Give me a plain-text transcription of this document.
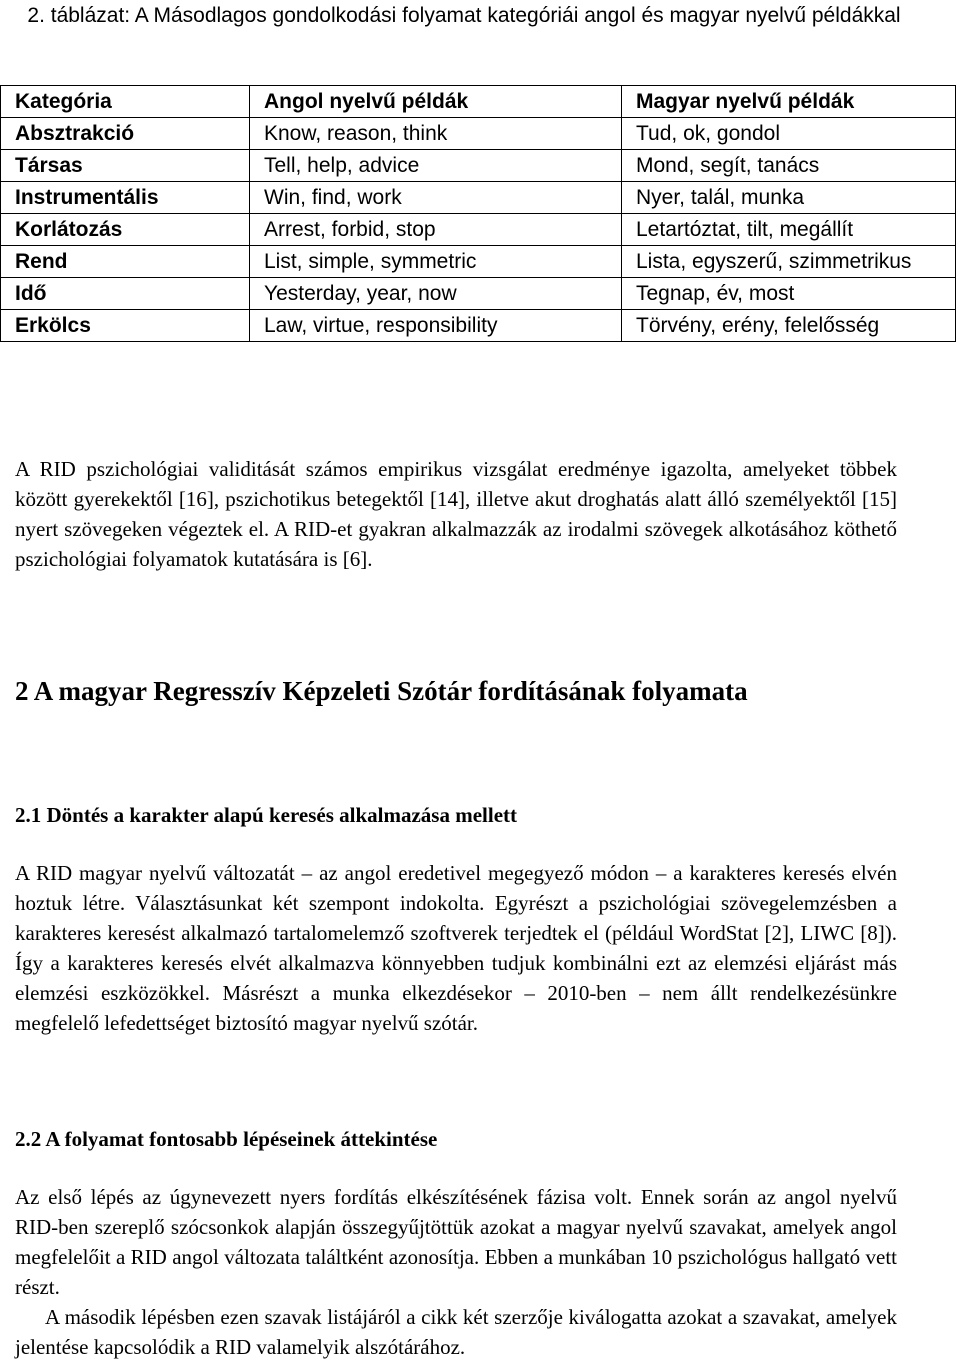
2. táblázat: A Másodlagos gondolkodási folyamat kategóriái angol és magyar nyelvű példákkal
Kategória	Angol nyelvű példák	Magyar nyelvű példák
Absztrakció	Know, reason, think	Tud, ok, gondol
Társas	Tell, help, advice	Mond, segít, tanács
Instrumentális	Win, find, work	Nyer, talál, munka
Korlátozás	Arrest, forbid, stop	Letartóztat, tilt, megállít
Rend	List, simple, symmetric	Lista, egyszerű, szimmetrikus
Idő	Yesterday, year, now	Tegnap, év, most
Erkölcs	Law, virtue, responsibility	Törvény, erény, felelősség

A RID pszichológiai validitását számos empirikus vizsgálat eredménye igazolta, amelyeket többek között gyerekektől [16], pszichotikus betegektől [14], illetve akut droghatás alatt álló személyektől [15] nyert szövegeken végeztek el. A RID-et gyakran alkalmazzák az irodalmi szövegek alkotásához köthető pszichológiai folyamatok kutatására is [6].

2 A magyar Regresszív Képzeleti Szótár fordításának folyamata
2.1 Döntés a karakter alapú keresés alkalmazása mellett

A RID magyar nyelvű változatát – az angol eredetivel megegyező módon – a karakteres keresés elvén hoztuk létre. Választásunkat két szempont indokolta. Egyrészt a pszichológiai szövegelemzésben a karakteres keresést alkalmazó tartalomelemző szoftverek terjedtek el (például WordStat [2], LIWC [8]). Így a karakteres keresés elvét alkalmazva könnyebben tudjuk kombinálni ezt az elemzési eljárást más elemzési eszközökkel. Másrészt a munka elkezdésekor – 2010-ben – nem állt rendelkezésünkre megfelelő lefedettséget biztosító magyar nyelvű szótár.

2.2 A folyamat fontosabb lépéseinek áttekintése

Az első lépés az úgynevezett nyers fordítás elkészítésének fázisa volt. Ennek során az angol nyelvű RID-ben szereplő szócsonkok alapján összegyűjtöttük azokat a magyar nyelvű szavakat, amelyek angol megfelelőit a RID angol változata találtként azonosítja. Ebben a munkában 10 pszichológus hallgató vett részt.

A második lépésben ezen szavak listájáról a cikk két szerzője kiválogatta azokat a szavakat, amelyek jelentése kapcsolódik a RID valamelyik alszótárához.
